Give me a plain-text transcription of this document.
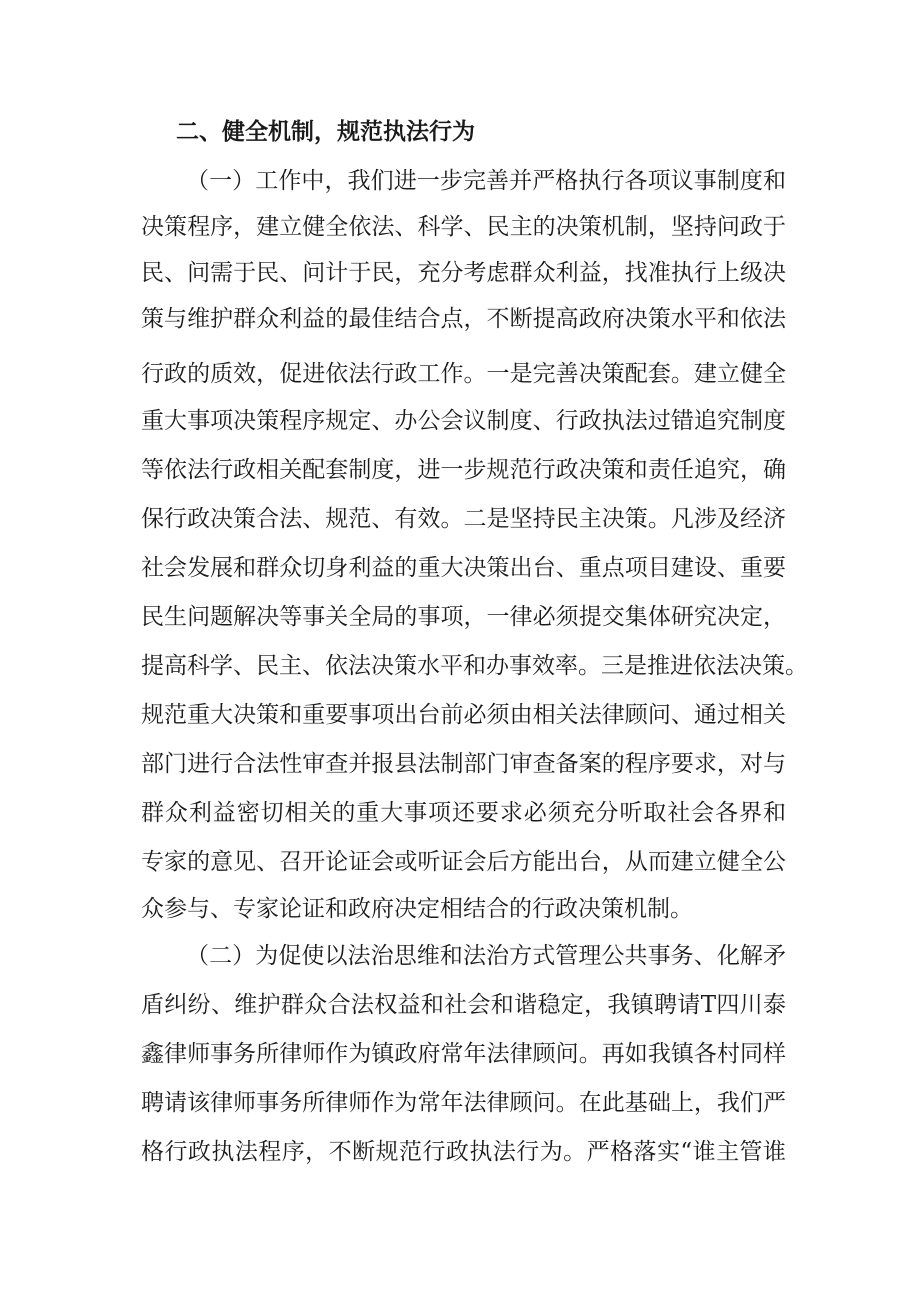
二、健全机制，规范执法行为
（一）工作中，我们进一步完善并严格执行各项议事制度和
决策程序，建立健全依法、科学、民主的决策机制，坚持问政于
民、问需于民、问计于民，充分考虑群众利益，找准执行上级决
策与维护群众利益的最佳结合点，不断提高政府决策水平和依法
行政的质效，促进依法行政工作。一是完善决策配套。建立健全
重大事项决策程序规定、办公会议制度、行政执法过错追究制度
等依法行政相关配套制度，进一步规范行政决策和责任追究，确
保行政决策合法、规范、有效。二是坚持民主决策。凡涉及经济
社会发展和群众切身利益的重大决策出台、重点项目建设、重要
民生问题解决等事关全局的事项，一律必须提交集体研究决定，
提高科学、民主、依法决策水平和办事效率。三是推进依法决策。
规范重大决策和重要事项出台前必须由相关法律顾问、通过相关
部门进行合法性审查并报县法制部门审查备案的程序要求，对与
群众利益密切相关的重大事项还要求必须充分听取社会各界和
专家的意见、召开论证会或听证会后方能出台，从而建立健全公
众参与、专家论证和政府决定相结合的行政决策机制。
（二）为促使以法治思维和法治方式管理公共事务、化解矛
盾纠纷、维护群众合法权益和社会和谐稳定，我镇聘请T四川泰
鑫律师事务所律师作为镇政府常年法律顾问。再如我镇各村同样
聘请该律师事务所律师作为常年法律顾问。在此基础上，我们严
格行政执法程序，不断规范行政执法行为。严格落实“谁主管谁
